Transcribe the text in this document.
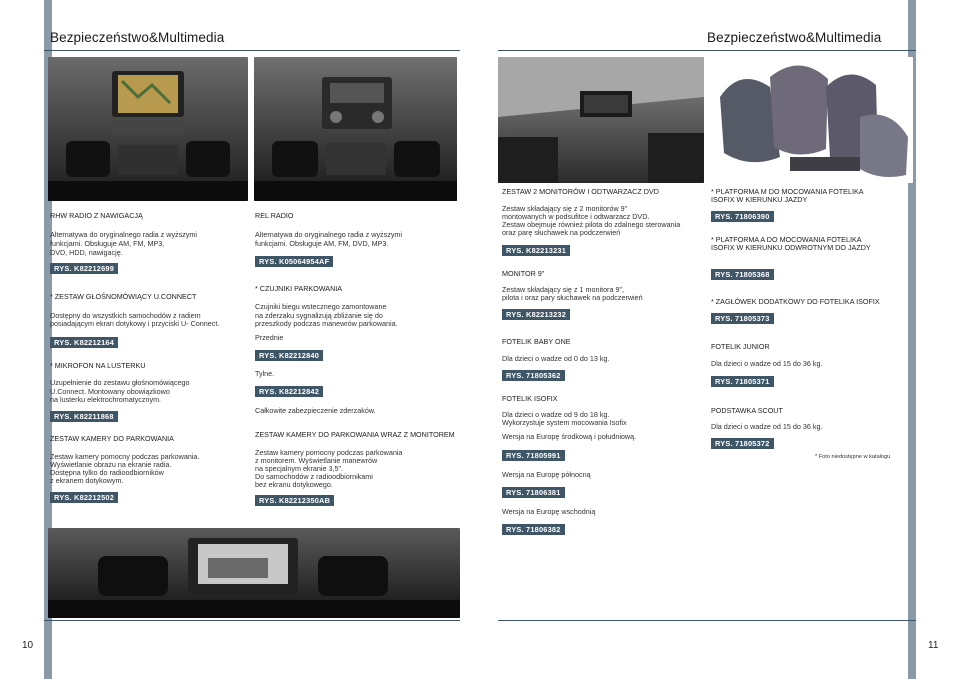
Bezpieczeństwo&Multimedia	Bezpieczeństwo&Multimedia
RHW RADIO Z NAWIGACJĄ
Alternatywa do oryginalnego radia z wyższymi
funkcjami. Obsługuje AM, FM, MP3,
DVD, HDD, nawigację.
RYS. K82212699
* ZESTAW GŁOŚNOMÓWIĄCY U.CONNECT
Dostępny do wszystkich samochodów z radiem
posiadającym ekran dotykowy i przyciski U- Connect.
RYS. K82212164
* MIKROFON NA LUSTERKU
Uzupełnienie do zestawu głośnomówiącego
U.Connect. Montowany obowiązkowo
na lusterku elektrochromatycznym.
RYS. K82211868
ZESTAW KAMERY DO PARKOWANIA
Zestaw kamery pomocny podczas parkowania.
Wyświetlanie obrazu na ekranie radia.
Dostępna tylko do radioodbiorników
z ekranem dotykowym.
RYS. K82212502
REL RADIO
Alternatywa do oryginalnego radia z wyższymi
funkcjami. Obsługuje AM, FM, DVD, MP3.
RYS. K05064954AF
* CZUJNIKI PARKOWANIA
Czujniki biegu wstecznego zamontowane
na zderzaku sygnalizują zbliżanie się do
przeszkody podczas manewrów parkowania.
Przednie
RYS. K82212840
Tylne.
RYS. K82212842
Całkowite zabezpieczenie zderzaków.
ZESTAW KAMERY DO PARKOWANIA WRAZ Z MONITOREM
Zestaw kamery pomocny podczas parkowania
z monitorem. Wyświetlanie manewrów
na specjalnym ekranie 3,5".
Do samochodów z radioodbiornikami
bez ekranu dotykowego.
RYS. K82212350AB
ZESTAW 2 MONITORÓW I ODTWARZACZ DVD
Zestaw składający się z 2 monitorów 9"
montowanych w podsufitce i odtwarzacz DVD.
Zestaw obejmuje również pilota do zdalnego sterowania
oraz parę słuchawek na podczerwień
RYS. K82213231
MONITOR 9"
Zestaw składający się z 1 monitora 9",
pilota i oraz pary słuchawek na podczerwień
RYS. K82213232
FOTELIK BABY ONE
Dla dzieci o wadze od 0 do 13 kg.
RYS. 71805362
FOTELIK ISOFIX
Dla dzieci o wadze od 9 do 18 kg.
Wykorzystuje system mocowania Isofix
Wersja na Europę środkową i południową.
RYS. 71805991
Wersja na Europę północną
RYS. 71806381
Wersja na Europę wschodnią
RYS. 71806382
* PLATFORMA M DO MOCOWANIA FOTELIKA
ISOFIX W KIERUNKU JAZDY
RYS. 71806390
* PLATFORMA A DO MOCOWANIA FOTELIKA
ISOFIX W KIERUNKU ODWROTNYM DO JAZDY
RYS. 71805368
* ZAGŁÓWEK DODATKOWY DO FOTELIKA ISOFIX
RYS. 71805373
FOTELIK JUNIOR
Dla dzieci o wadze od 15 do 36 kg.
RYS. 71805371
PODSTAWKA SCOUT
Dla dzieci o wadze od 15 do 36 kg.
RYS. 71805372
* Foto niedostępne w katalogu
10	11
